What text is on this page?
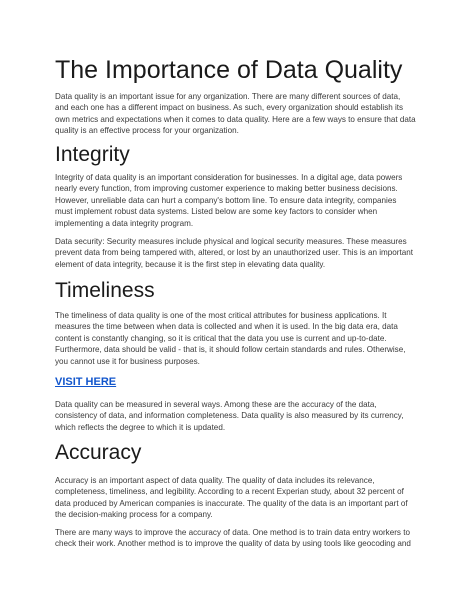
The Importance of Data Quality

Data quality is an important issue for any organization. There are many different sources of data,
and each one has a different impact on business. As such, every organization should establish its
own metrics and expectations when it comes to data quality. Here are a few ways to ensure that data
quality is an effective process for your organization.

Integrity

Integrity of data quality is an important consideration for businesses. In a digital age, data powers
nearly every function, from improving customer experience to making better business decisions.
However, unreliable data can hurt a company's bottom line. To ensure data integrity, companies
must implement robust data systems. Listed below are some key factors to consider when
implementing a data integrity program.

Data security: Security measures include physical and logical security measures. These measures
prevent data from being tampered with, altered, or lost by an unauthorized user. This is an important
element of data integrity, because it is the first step in elevating data quality.

Timeliness

The timeliness of data quality is one of the most critical attributes for business applications. It
measures the time between when data is collected and when it is used. In the big data era, data
content is constantly changing, so it is critical that the data you use is current and up-to-date.
Furthermore, data should be valid - that is, it should follow certain standards and rules. Otherwise,
you cannot use it for business purposes.

VISIT HERE

Data quality can be measured in several ways. Among these are the accuracy of the data,
consistency of data, and information completeness. Data quality is also measured by its currency,
which reflects the degree to which it is updated.

Accuracy

Accuracy is an important aspect of data quality. The quality of data includes its relevance,
completeness, timeliness, and legibility. According to a recent Experian study, about 32 percent of
data produced by American companies is inaccurate. The quality of the data is an important part of
the decision-making process for a company.

There are many ways to improve the accuracy of data. One method is to train data entry workers to
check their work. Another method is to improve the quality of data by using tools like geocoding and
